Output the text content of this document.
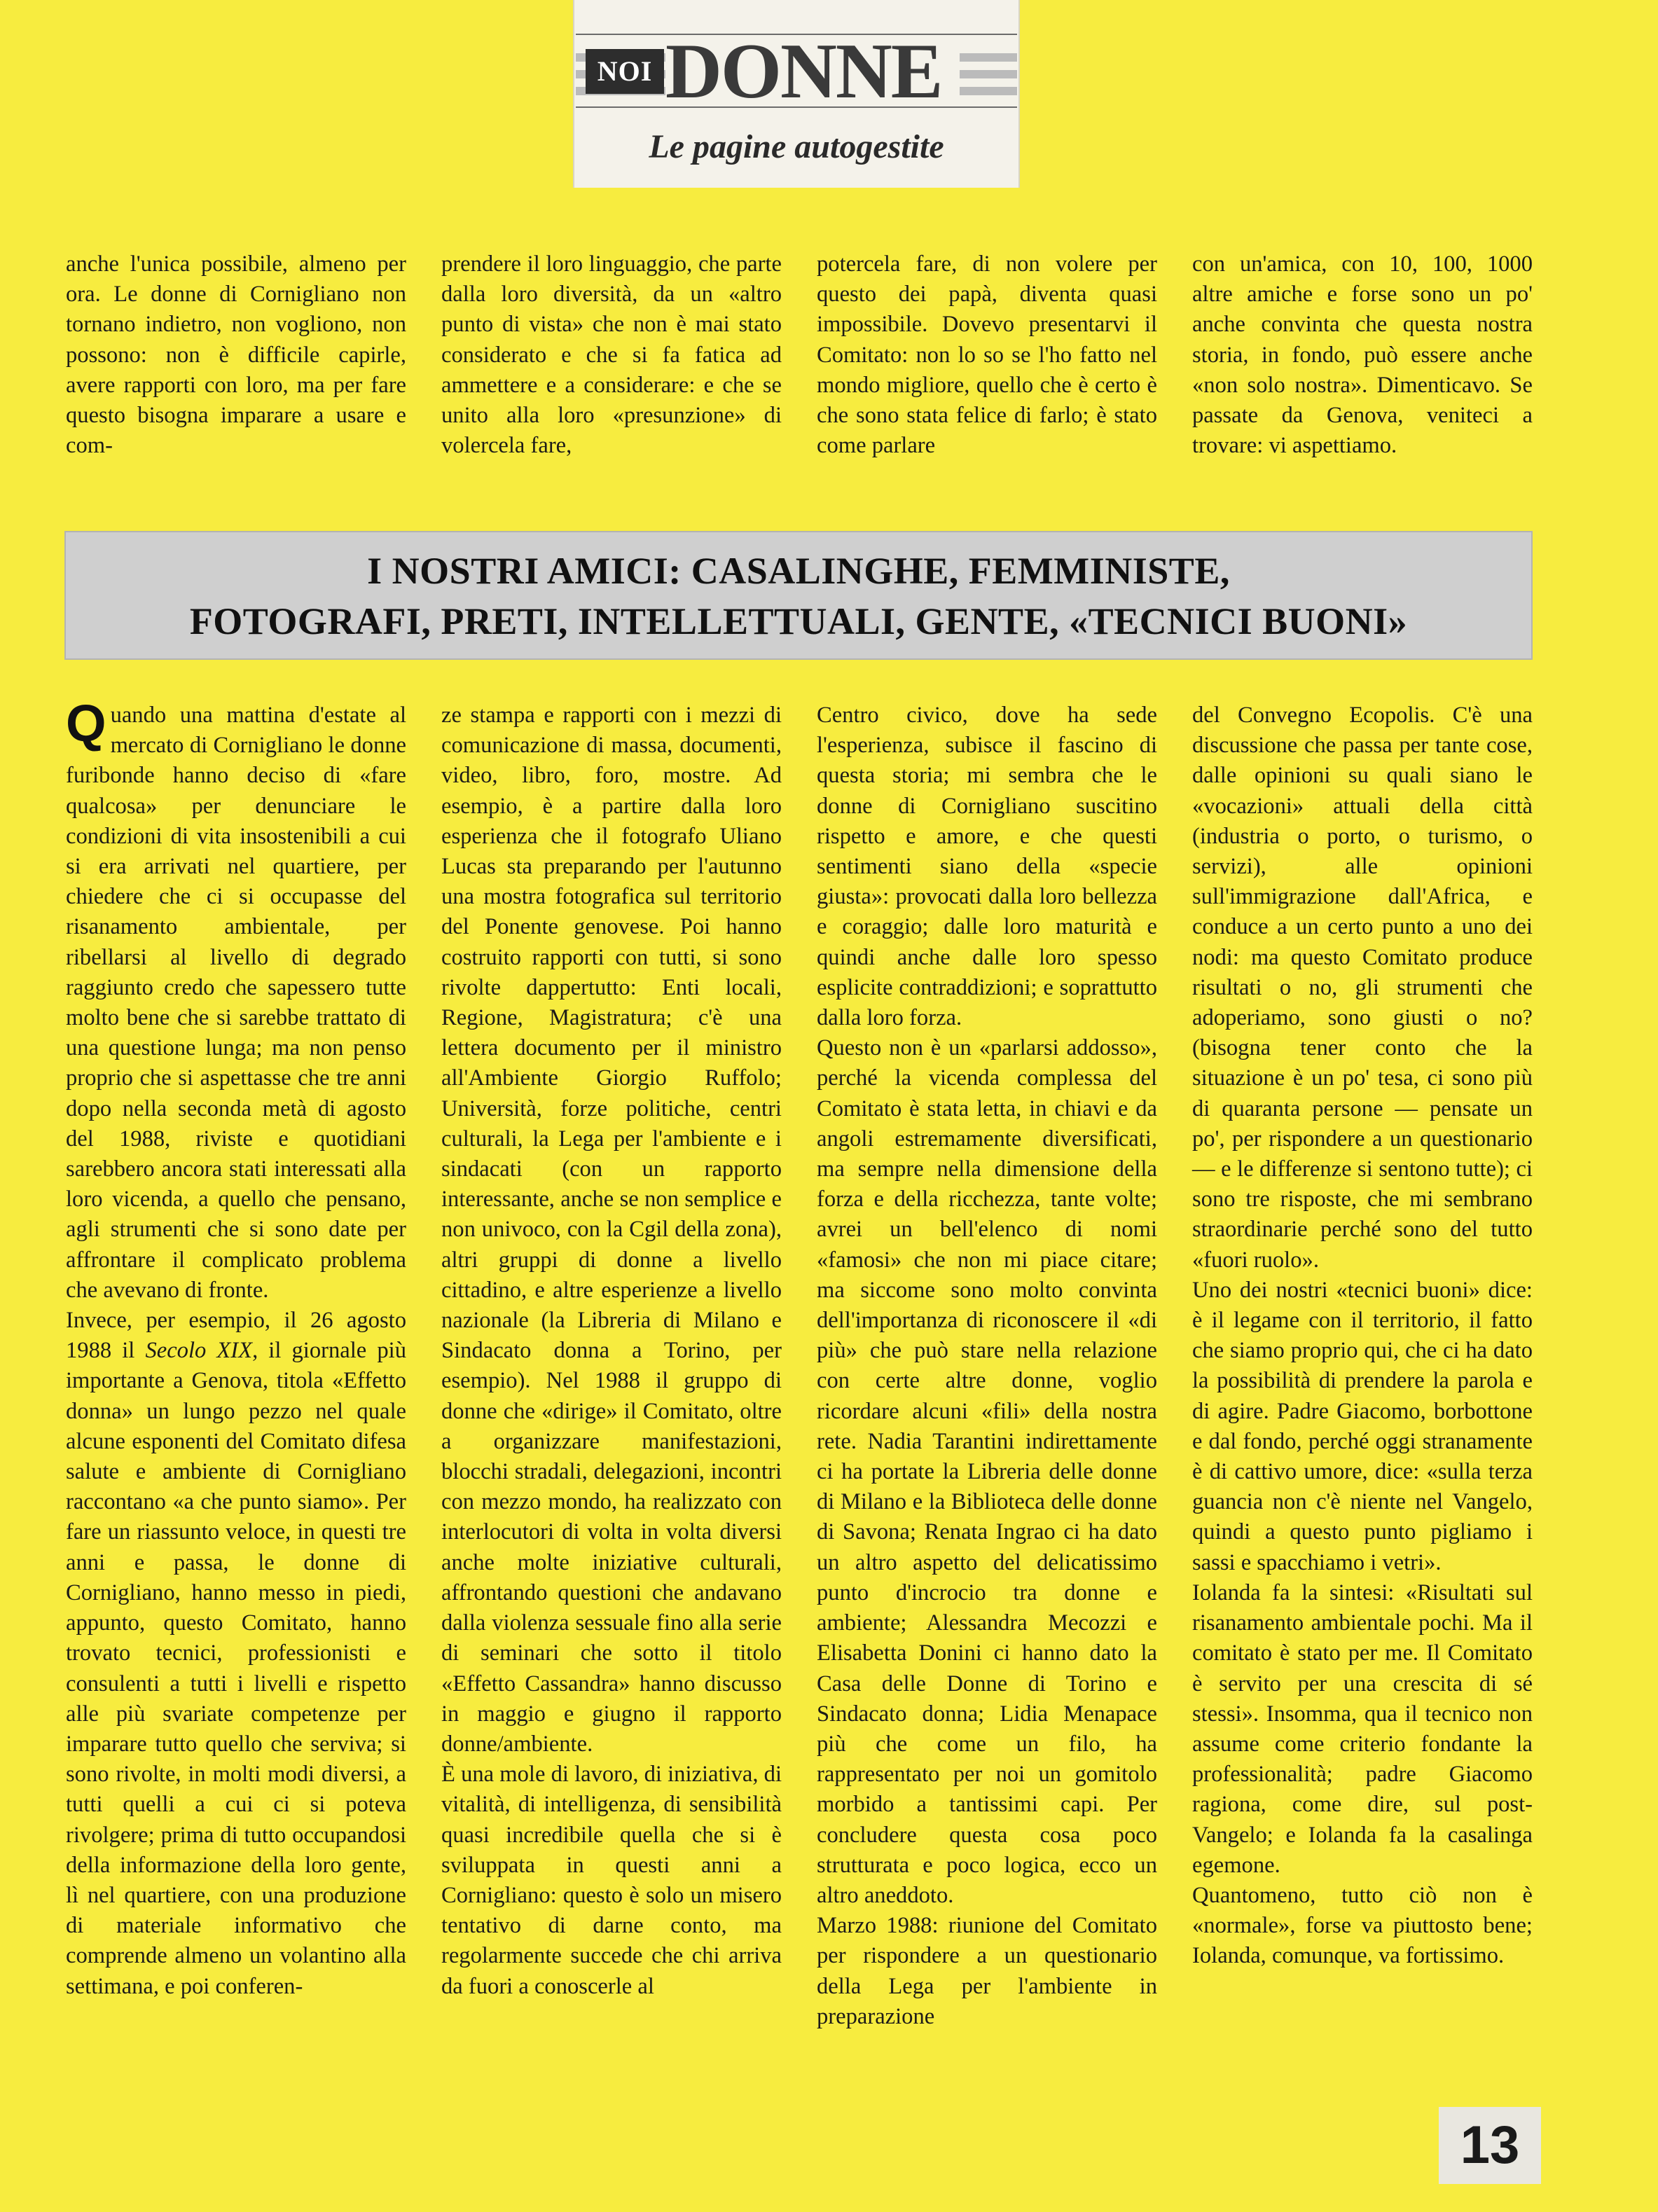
NOI DONNE
Le pagine autogestite

anche l'unica possibile, almeno per ora. Le donne di Cornigliano non tornano indietro, non vogliono, non possono: non è difficile capirle, avere rapporti con loro, ma per fare questo bisogna imparare a usare e com-

prendere il loro linguaggio, che parte dalla loro diversità, da un «altro punto di vista» che non è mai stato considerato e che si fa fatica ad ammettere e a considerare: e che se unito alla loro «presunzione» di volercela fare,

potercela fare, di non volere per questo dei papà, diventa quasi impossibile. Dovevo presentarvi il Comitato: non lo so se l'ho fatto nel mondo migliore, quello che è certo è che sono stata felice di farlo; è stato come parlare

con un'amica, con 10, 100, 1000 altre amiche e forse sono un po' anche convinta che questa nostra storia, in fondo, può essere anche «non solo nostra». Dimenticavo. Se passate da Genova, veniteci a trovare: vi aspettiamo.

I NOSTRI AMICI: CASALINGHE, FEMMINISTE,
FOTOGRAFI, PRETI, INTELLETTUALI, GENTE, «TECNICI BUONI»

Quando una mattina d'estate al mercato di Cornigliano le donne furibonde hanno deciso di «fare qualcosa» per denunciare le condizioni di vita insostenibili a cui si era arrivati nel quartiere, per chiedere che ci si occupasse del risanamento ambientale, per ribellarsi al livello di degrado raggiunto credo che sapessero tutte molto bene che si sarebbe trattato di una questione lunga; ma non penso proprio che si aspettasse che tre anni dopo nella seconda metà di agosto del 1988, riviste e quotidiani sarebbero ancora stati interessati alla loro vicenda, a quello che pensano, agli strumenti che si sono date per affrontare il complicato problema che avevano di fronte.

Invece, per esempio, il 26 agosto 1988 il Secolo XIX, il giornale più importante a Genova, titola «Effetto donna» un lungo pezzo nel quale alcune esponenti del Comitato difesa salute e ambiente di Cornigliano raccontano «a che punto siamo». Per fare un riassunto veloce, in questi tre anni e passa, le donne di Cornigliano, hanno messo in piedi, appunto, questo Comitato, hanno trovato tecnici, professionisti e consulenti a tutti i livelli e rispetto alle più svariate competenze per imparare tutto quello che serviva; si sono rivolte, in molti modi diversi, a tutti quelli a cui ci si poteva rivolgere; prima di tutto occupandosi della informazione della loro gente, lì nel quartiere, con una produzione di materiale informativo che comprende almeno un volantino alla settimana, e poi conferen-

ze stampa e rapporti con i mezzi di comunicazione di massa, documenti, video, libro, foro, mostre. Ad esempio, è a partire dalla loro esperienza che il fotografo Uliano Lucas sta preparando per l'autunno una mostra fotografica sul territorio del Ponente genovese. Poi hanno costruito rapporti con tutti, si sono rivolte dappertutto: Enti locali, Regione, Magistratura; c'è una lettera documento per il ministro all'Ambiente Giorgio Ruffolo; Università, forze politiche, centri culturali, la Lega per l'ambiente e i sindacati (con un rapporto interessante, anche se non semplice e non univoco, con la Cgil della zona), altri gruppi di donne a livello cittadino, e altre esperienze a livello nazionale (la Libreria di Milano e Sindacato donna a Torino, per esempio). Nel 1988 il gruppo di donne che «dirige» il Comitato, oltre a organizzare manifestazioni, blocchi stradali, delegazioni, incontri con mezzo mondo, ha realizzato con interlocutori di volta in volta diversi anche molte iniziative culturali, affrontando questioni che andavano dalla violenza sessuale fino alla serie di seminari che sotto il titolo «Effetto Cassandra» hanno discusso in maggio e giugno il rapporto donne/ambiente.

È una mole di lavoro, di iniziativa, di vitalità, di intelligenza, di sensibilità quasi incredibile quella che si è sviluppata in questi anni a Cornigliano: questo è solo un misero tentativo di darne conto, ma regolarmente succede che chi arriva da fuori a conoscerle al

Centro civico, dove ha sede l'esperienza, subisce il fascino di questa storia; mi sembra che le donne di Cornigliano suscitino rispetto e amore, e che questi sentimenti siano della «specie giusta»: provocati dalla loro bellezza e coraggio; dalle loro maturità e quindi anche dalle loro spesso esplicite contraddizioni; e soprattutto dalla loro forza.

Questo non è un «parlarsi addosso», perché la vicenda complessa del Comitato è stata letta, in chiavi e da angoli estremamente diversificati, ma sempre nella dimensione della forza e della ricchezza, tante volte; avrei un bell'elenco di nomi «famosi» che non mi piace citare; ma siccome sono molto convinta dell'importanza di riconoscere il «di più» che può stare nella relazione con certe altre donne, voglio ricordare alcuni «fili» della nostra rete. Nadia Tarantini indirettamente ci ha portate la Libreria delle donne di Milano e la Biblioteca delle donne di Savona; Renata Ingrao ci ha dato un altro aspetto del delicatissimo punto d'incrocio tra donne e ambiente; Alessandra Mecozzi e Elisabetta Donini ci hanno dato la Casa delle Donne di Torino e Sindacato donna; Lidia Menapace più che come un filo, ha rappresentato per noi un gomitolo morbido a tantissimi capi. Per concludere questa cosa poco strutturata e poco logica, ecco un altro aneddoto.

Marzo 1988: riunione del Comitato per rispondere a un questionario della Lega per l'ambiente in preparazione

del Convegno Ecopolis. C'è una discussione che passa per tante cose, dalle opinioni su quali siano le «vocazioni» attuali della città (industria o porto, o turismo, o servizi), alle opinioni sull'immigrazione dall'Africa, e conduce a un certo punto a uno dei nodi: ma questo Comitato produce risultati o no, gli strumenti che adoperiamo, sono giusti o no? (bisogna tener conto che la situazione è un po' tesa, ci sono più di quaranta persone — pensate un po', per rispondere a un questionario — e le differenze si sentono tutte); ci sono tre risposte, che mi sembrano straordinarie perché sono del tutto «fuori ruolo».

Uno dei nostri «tecnici buoni» dice: è il legame con il territorio, il fatto che siamo proprio qui, che ci ha dato la possibilità di prendere la parola e di agire. Padre Giacomo, borbottone e dal fondo, perché oggi stranamente è di cattivo umore, dice: «sulla terza guancia non c'è niente nel Vangelo, quindi a questo punto pigliamo i sassi e spacchiamo i vetri».

Iolanda fa la sintesi: «Risultati sul risanamento ambientale pochi. Ma il comitato è stato per me. Il Comitato è servito per una crescita di sé stessi». Insomma, qua il tecnico non assume come criterio fondante la professionalità; padre Giacomo ragiona, come dire, sul post-Vangelo; e Iolanda fa la casalinga egemone.

Quantomeno, tutto ciò non è «normale», forse va piuttosto bene; Iolanda, comunque, va fortissimo.

13
